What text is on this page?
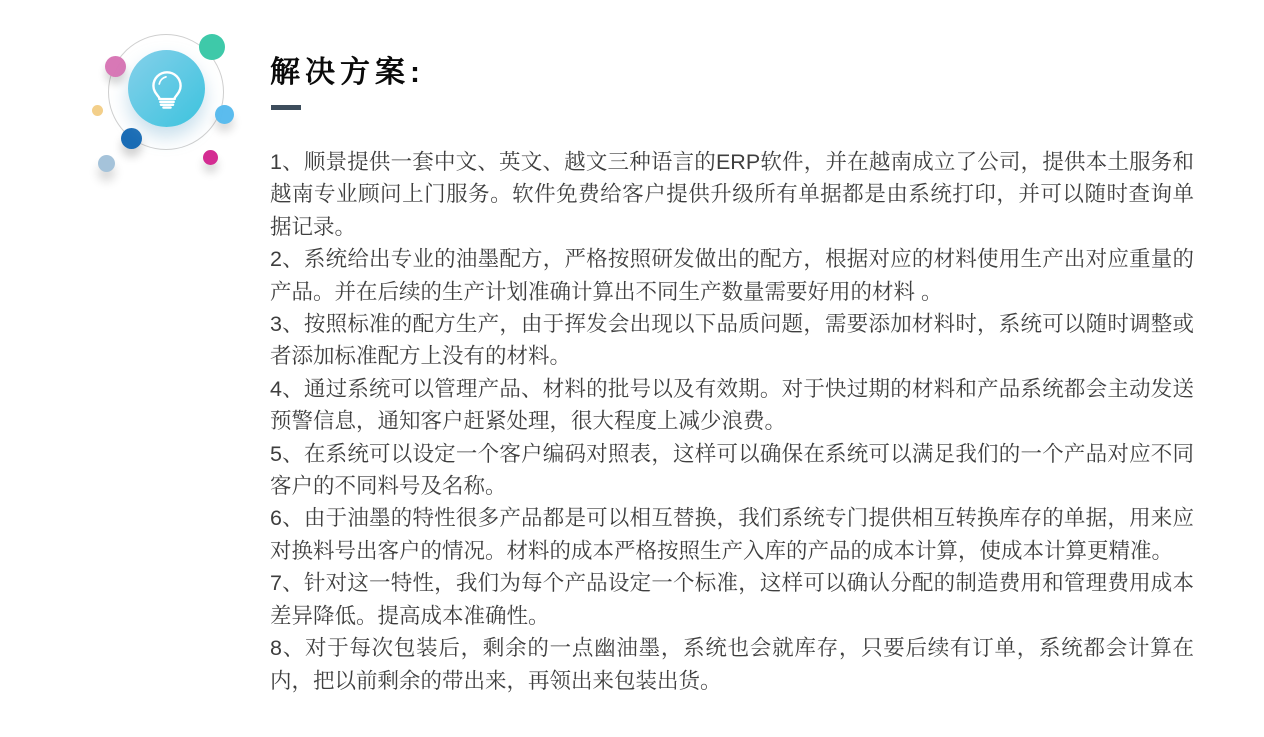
解决方案:

1、顺景提供一套中文、英文、越文三种语言的ERP软件，并在越南成立了公司，提供本土服务和越南专业顾问上门服务。软件免费给客户提供升级所有单据都是由系统打印，并可以随时查询单据记录。

2、系统给出专业的油墨配方，严格按照研发做出的配方，根据对应的材料使用生产出对应重量的产品。并在后续的生产计划准确计算出不同生产数量需要好用的材料 。

3、按照标准的配方生产，由于挥发会出现以下品质问题，需要添加材料时，系统可以随时调整或者添加标准配方上没有的材料。

4、通过系统可以管理产品、材料的批号以及有效期。对于快过期的材料和产品系统都会主动发送预警信息，通知客户赶紧处理，很大程度上减少浪费。

5、在系统可以设定一个客户编码对照表，这样可以确保在系统可以满足我们的一个产品对应不同客户的不同料号及名称。

6、由于油墨的特性很多产品都是可以相互替换，我们系统专门提供相互转换库存的单据，用来应对换料号出客户的情况。材料的成本严格按照生产入库的产品的成本计算，使成本计算更精准。

7、针对这一特性，我们为每个产品设定一个标准，这样可以确认分配的制造费用和管理费用成本差异降低。提高成本准确性。

8、对于每次包装后，剩余的一点幽油墨，系统也会就库存，只要后续有订单，系统都会计算在内，把以前剩余的带出来，再领出来包装出货。
